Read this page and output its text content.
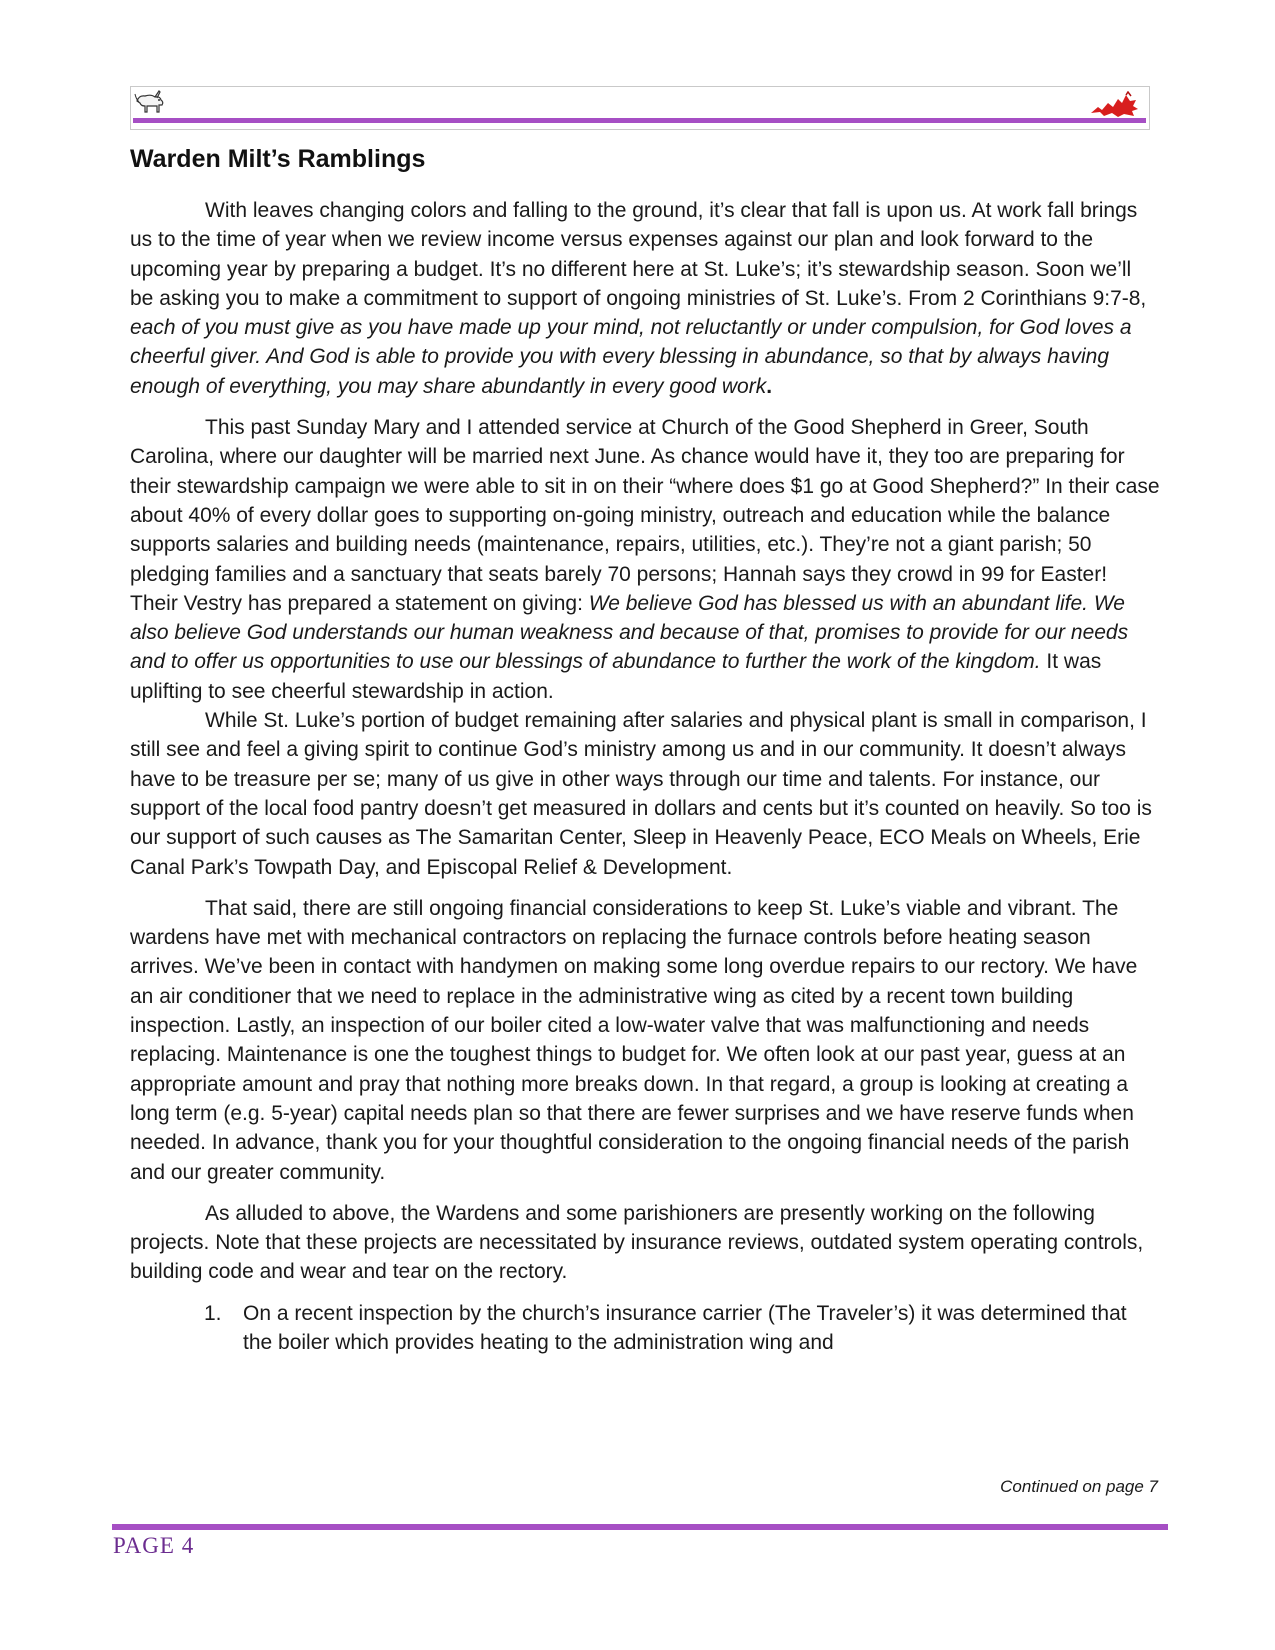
Warden Milt’s Ramblings

With leaves changing colors and falling to the ground, it’s clear that fall is upon us. At work fall brings us to the time of year when we review income versus expenses against our plan and look forward to the upcoming year by preparing a budget. It’s no different here at St. Luke’s; it’s stewardship season. Soon we’ll be asking you to make a commitment to support of ongoing ministries of St. Luke’s. From 2 Corinthians 9:7-8, each of you must give as you have made up your mind, not reluctantly or under compulsion, for God loves a cheerful giver. And God is able to provide you with every blessing in abundance, so that by always having enough of everything, you may share abundantly in every good work.

This past Sunday Mary and I attended service at Church of the Good Shepherd in Greer, South Carolina, where our daughter will be married next June. As chance would have it, they too are preparing for their stewardship campaign we were able to sit in on their “where does $1 go at Good Shepherd?” In their case about 40% of every dollar goes to supporting on-going ministry, outreach and education while the balance supports salaries and building needs (maintenance, repairs, utilities, etc.). They’re not a giant parish; 50 pledging families and a sanctuary that seats barely 70 persons; Hannah says they crowd in 99 for Easter! Their Vestry has prepared a statement on giving: We believe God has blessed us with an abundant life. We also believe God understands our human weakness and because of that, promises to provide for our needs and to offer us opportunities to use our blessings of abundance to further the work of the kingdom. It was uplifting to see cheerful stewardship in action.

While St. Luke’s portion of budget remaining after salaries and physical plant is small in comparison, I still see and feel a giving spirit to continue God’s ministry among us and in our community. It doesn’t always have to be treasure per se; many of us give in other ways through our time and talents. For instance, our support of the local food pantry doesn’t get measured in dollars and cents but it’s counted on heavily. So too is our support of such causes as The Samaritan Center, Sleep in Heavenly Peace, ECO Meals on Wheels, Erie Canal Park’s Towpath Day, and Episcopal Relief & Development.

That said, there are still ongoing financial considerations to keep St. Luke’s viable and vibrant. The wardens have met with mechanical contractors on replacing the furnace controls before heating season arrives. We’ve been in contact with handymen on making some long overdue repairs to our rectory. We have an air conditioner that we need to replace in the administrative wing as cited by a recent town building inspection. Lastly, an inspection of our boiler cited a low-water valve that was malfunctioning and needs replacing. Maintenance is one the toughest things to budget for. We often look at our past year, guess at an appropriate amount and pray that nothing more breaks down. In that regard, a group is looking at creating a long term (e.g. 5-year) capital needs plan so that there are fewer surprises and we have reserve funds when needed. In advance, thank you for your thoughtful consideration to the ongoing financial needs of the parish and our greater community.

As alluded to above, the Wardens and some parishioners are presently working on the following projects. Note that these projects are necessitated by insurance reviews, outdated system operating controls, building code and wear and tear on the rectory.

1. On a recent inspection by the church’s insurance carrier (The Traveler’s) it was determined that the boiler which provides heating to the administration wing and
Continued on page 7
PAGE 4
